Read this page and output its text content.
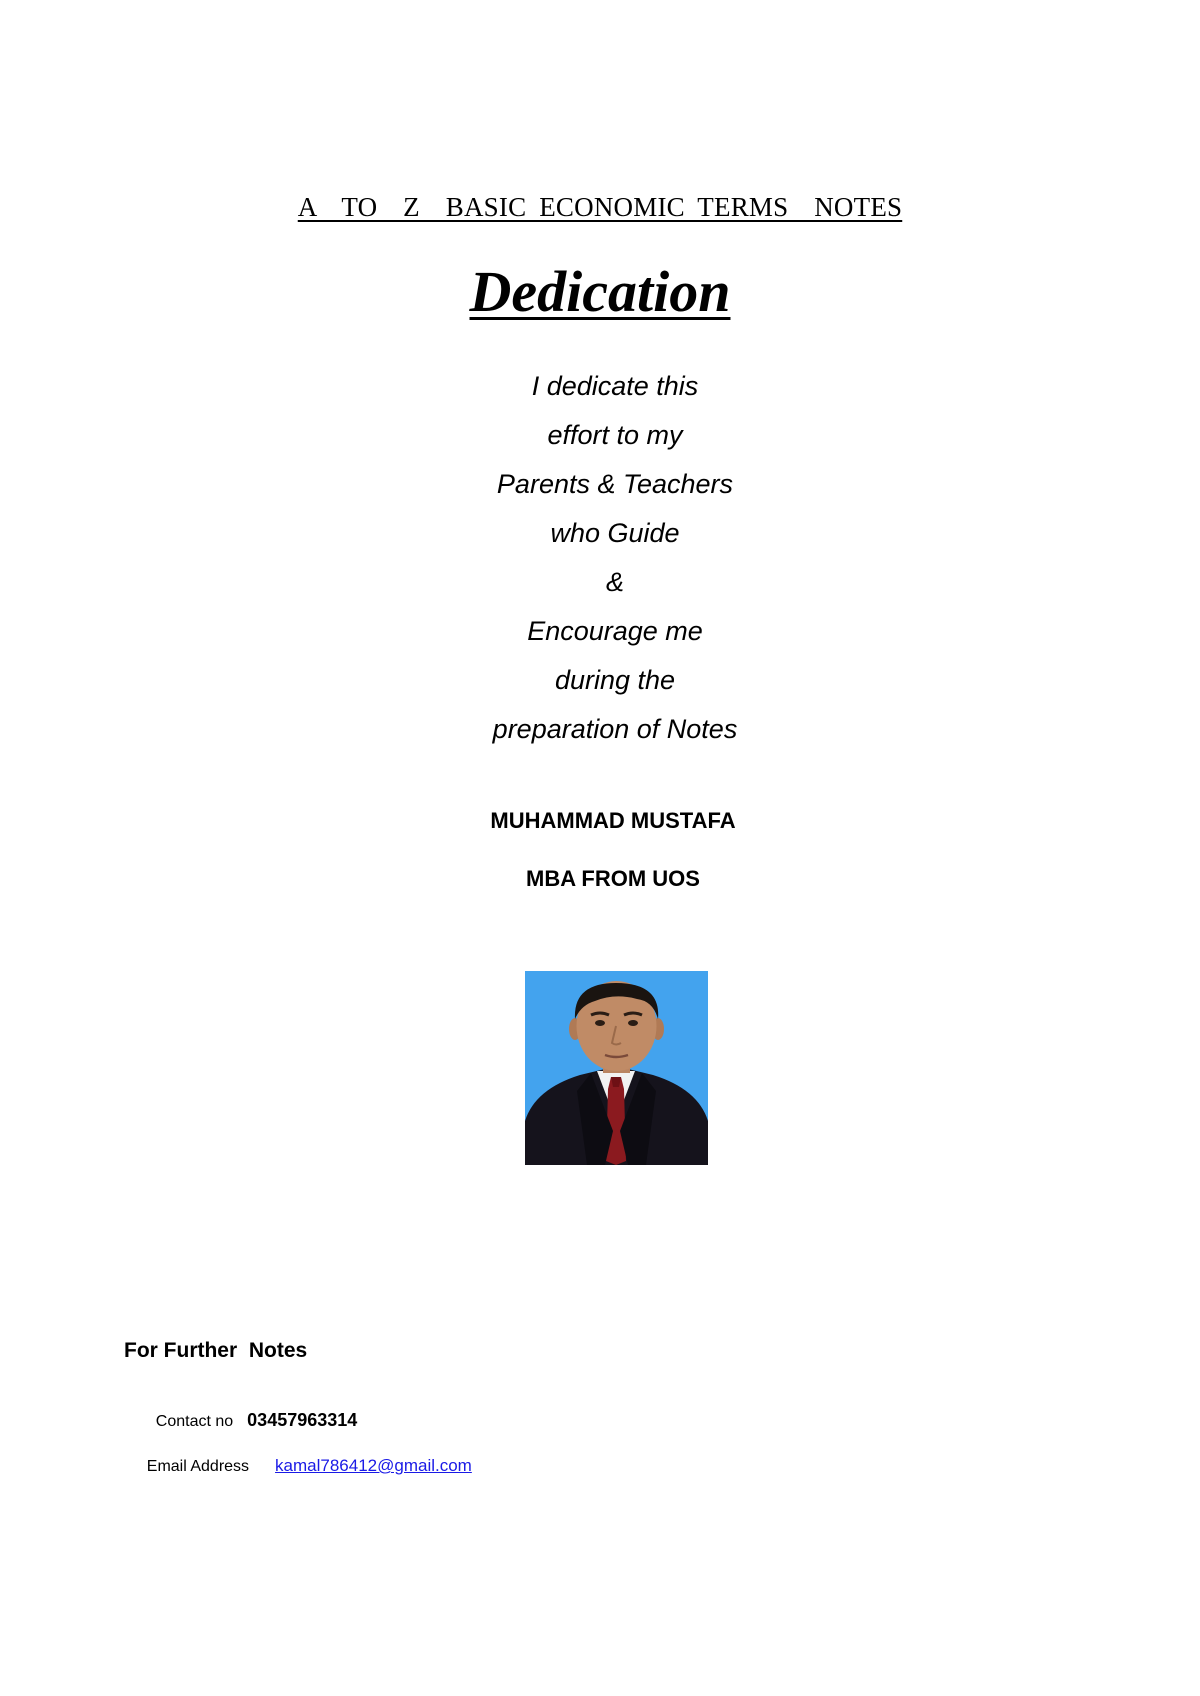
A  TO  Z  BASIC ECONOMIC TERMS  NOTES
Dedication
I dedicate this
effort to my
Parents & Teachers
who Guide
&
Encourage me
during the
preparation of Notes
MUHAMMAD MUSTAFA
MBA FROM UOS
For Further  Notes

Contact no 03457963314

Email Address kamal786412@gmail.com
